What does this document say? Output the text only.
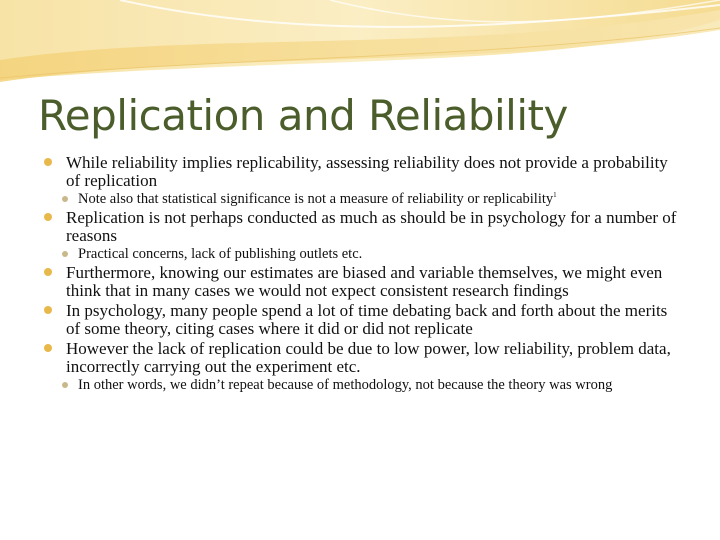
Replication and Reliability
While reliability implies replicability, assessing reliability does not provide a probability of replication
Note also that statistical significance is not a measure of reliability or replicability$^1$
Replication is not perhaps conducted as much as should be in psychology for a number of reasons
Practical concerns, lack of publishing outlets etc.
Furthermore, knowing our estimates are biased and variable themselves, we might even think that in many cases we would not expect consistent research findings
In psychology, many people spend a lot of time debating back and forth about the merits of some theory, citing cases where it did or did not replicate
However the lack of replication could be due to low power, low reliability, problem data, incorrectly carrying out the experiment etc.
In other words, we didn’t repeat because of methodology, not because the theory was wrong
